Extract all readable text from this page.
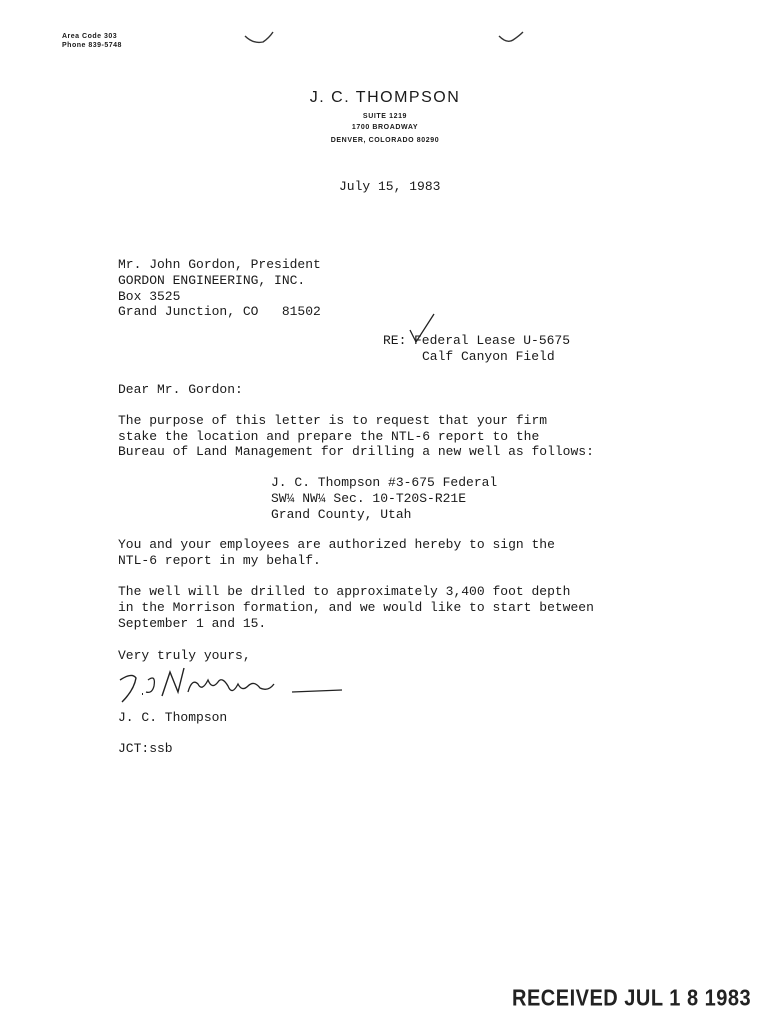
Area Code 303
Phone 839-5748
J. C. THOMPSON
SUITE 1219
1700 BROADWAY
DENVER, COLORADO 80290
July 15, 1983
Mr. John Gordon, President
GORDON ENGINEERING, INC.
Box 3525
Grand Junction, CO   81502
RE: Federal Lease U-5675
Calf Canyon Field
Dear Mr. Gordon:
The purpose of this letter is to request that your firm
stake the location and prepare the NTL-6 report to the
Bureau of Land Management for drilling a new well as follows:
J. C. Thompson #3-675 Federal
SW¼ NW¼ Sec. 10-T20S-R21E
Grand County, Utah
You and your employees are authorized hereby to sign the
NTL-6 report in my behalf.
The well will be drilled to approximately 3,400 foot depth
in the Morrison formation, and we would like to start between
September 1 and 15.
Very truly yours,
J. C. Thompson
JCT:ssb
RECEIVED JUL 1 8 1983
